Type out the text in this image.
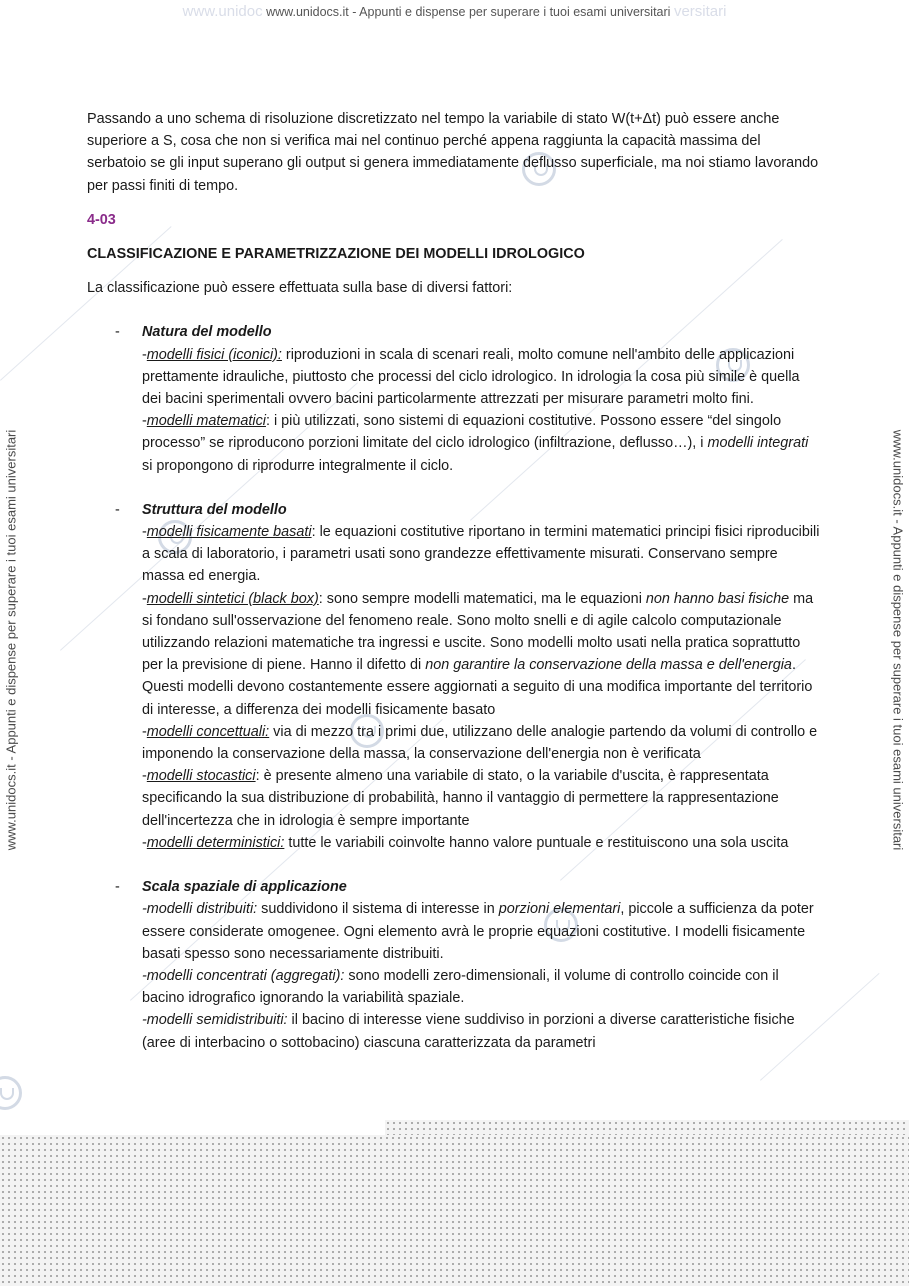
www.unidoc www.unidocs.it - Appunti e dispense per superare i tuoi esami universitari versitari
www.unidocs.it - Appunti e dispense per superare i tuoi esami universitari	www.unidocs.it - Appunti e dispense per superare i tuoi esami universitari

Passando a uno schema di risoluzione discretizzato nel tempo la variabile di stato W(t+Δt) può essere anche superiore a S, cosa che non si verifica mai nel continuo perché appena raggiunta la capacità massima del serbatoio se gli input superano gli output si genera immediatamente deflusso superficiale, ma noi stiamo lavorando per passi finiti di tempo.

4-03

CLASSIFICAZIONE E PARAMETRIZZAZIONE DEI MODELLI IDROLOGICO

La classificazione può essere effettuata sulla base di diversi fattori:

- Natura del modello
-modelli fisici (iconici): riproduzioni in scala di scenari reali, molto comune nell'ambito delle applicazioni prettamente idrauliche, piuttosto che processi del ciclo idrologico. In idrologia la cosa più simile è quella dei bacini sperimentali ovvero bacini particolarmente attrezzati per misurare parametri molto fini.
-modelli matematici: i più utilizzati, sono sistemi di equazioni costitutive. Possono essere “del singolo processo” se riproducono porzioni limitate del ciclo idrologico (infiltrazione, deflusso…), i modelli integrati si propongono di riprodurre integralmente il ciclo.
- Struttura del modello
-modelli fisicamente basati: le equazioni costitutive riportano in termini matematici principi fisici riproducibili a scala di laboratorio, i parametri usati sono grandezze effettivamente misurati. Conservano sempre massa ed energia.
-modelli sintetici (black box): sono sempre modelli matematici, ma le equazioni non hanno basi fisiche ma si fondano sull'osservazione del fenomeno reale. Sono molto snelli e di agile calcolo computazionale utilizzando relazioni matematiche tra ingressi e uscite. Sono modelli molto usati nella pratica soprattutto per la previsione di piene. Hanno il difetto di non garantire la conservazione della massa e dell'energia. Questi modelli devono costantemente essere aggiornati a seguito di una modifica importante del territorio di interesse, a differenza dei modelli fisicamente basato
-modelli concettuali: via di mezzo tra i primi due, utilizzano delle analogie partendo da volumi di controllo e imponendo la conservazione della massa, la conservazione dell'energia non è verificata
-modelli stocastici: è presente almeno una variabile di stato, o la variabile d'uscita, è rappresentata specificando la sua distribuzione di probabilità, hanno il vantaggio di permettere la rappresentazione dell'incertezza che in idrologia è sempre importante
-modelli deterministici: tutte le variabili coinvolte hanno valore puntuale e restituiscono una sola uscita
- Scala spaziale di applicazione
-modelli distribuiti: suddividono il sistema di interesse in porzioni elementari, piccole a sufficienza da poter essere considerate omogenee. Ogni elemento avrà le proprie equazioni costitutive. I modelli fisicamente basati spesso sono necessariamente distribuiti.
-modelli concentrati (aggregati): sono modelli zero-dimensionali, il volume di controllo coincide con il bacino idrografico ignorando la variabilità spaziale.
-modelli semidistribuiti: il bacino di interesse viene suddiviso in porzioni a diverse caratteristiche fisiche (aree di interbacino o sottobacino) ciascuna caratterizzata da parametri
